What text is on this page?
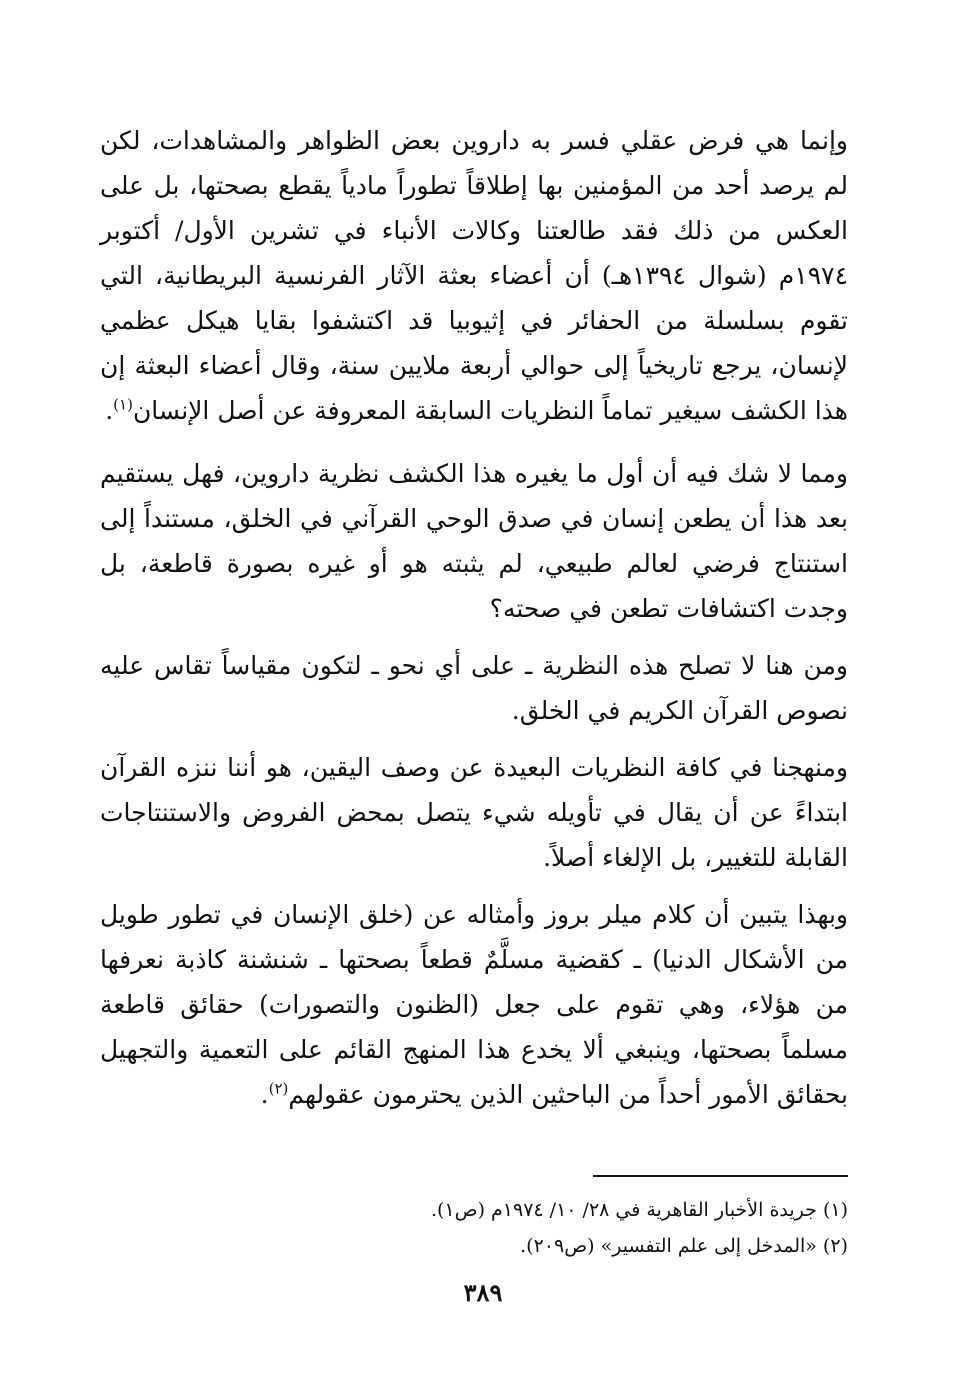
وإنما هي فرض عقلي فسر به داروين بعض الظواهر والمشاهدات، لكن لم يرصد أحد من المؤمنين بها إطلاقاً تطوراً مادياً يقطع بصحتها، بل على العكس من ذلك فقد طالعتنا وكالات الأنباء في تشرين الأول/ أكتوبر ١٩٧٤م (شوال ١٣٩٤هـ) أن أعضاء بعثة الآثار الفرنسية البريطانية، التي تقوم بسلسلة من الحفائر في إثيوبيا قد اكتشفوا بقايا هيكل عظمي لإنسان، يرجع تاريخياً إلى حوالي أربعة ملايين سنة، وقال أعضاء البعثة إن هذا الكشف سيغير تماماً النظريات السابقة المعروفة عن أصل الإنسان$^{(١)}$.

ومما لا شك فيه أن أول ما يغيره هذا الكشف نظرية داروين، فهل يستقيم بعد هذا أن يطعن إنسان في صدق الوحي القرآني في الخلق، مستنداً إلى استنتاج فرضي لعالم طبيعي، لم يثبته هو أو غيره بصورة قاطعة، بل وجدت اكتشافات تطعن في صحته؟

ومن هنا لا تصلح هذه النظرية ـ على أي نحو ـ لتكون مقياساً تقاس عليه نصوص القرآن الكريم في الخلق.

ومنهجنا في كافة النظريات البعيدة عن وصف اليقين، هو أننا ننزه القرآن ابتداءً عن أن يقال في تأويله شيء يتصل بمحض الفروض والاستنتاجات القابلة للتغيير، بل الإلغاء أصلاً.

وبهذا يتبين أن كلام ميلر بروز وأمثاله عن (خلق الإنسان في تطور طويل من الأشكال الدنيا) ـ كقضية مسلَّمٌ قطعاً بصحتها ـ شنشنة كاذبة نعرفها من هؤلاء، وهي تقوم على جعل (الظنون والتصورات) حقائق قاطعة مسلماً بصحتها، وينبغي ألا يخدع هذا المنهج القائم على التعمية والتجهيل بحقائق الأمور أحداً من الباحثين الذين يحترمون عقولهم$^{(٢)}$.

(١) جريدة الأخبار القاهرية في ٢٨/ ١٠/ ١٩٧٤م (ص١).

(٢) «المدخل إلى علم التفسير» (ص٢٠٩).

٣٨٩
